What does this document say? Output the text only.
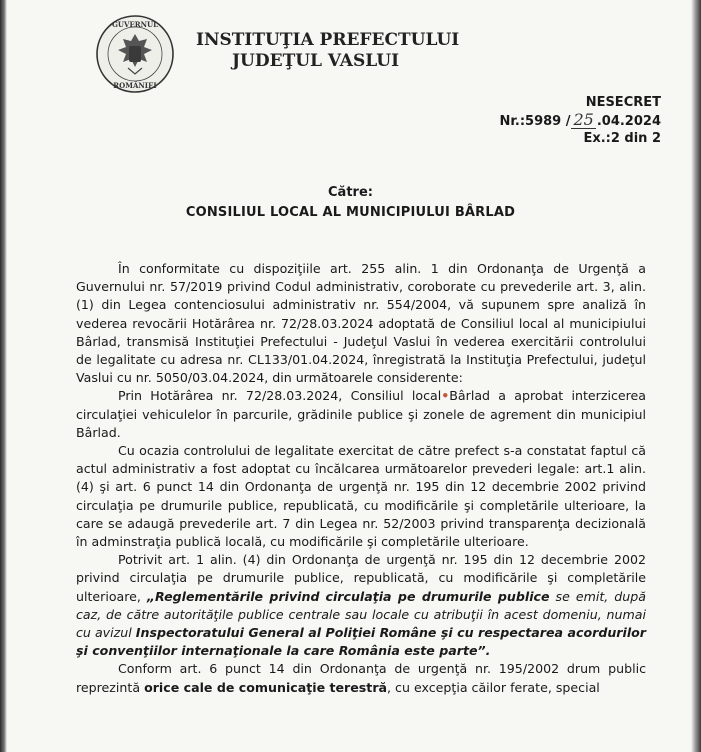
GUVERNUL
ROMÂNIEI
INSTITUŢIA PREFECTULUI
JUDEŢUL VASLUI
NESECRET
Nr.:5989 / 25 .04.2024
Ex.:2 din 2
Către:
CONSILIUL LOCAL AL MUNICIPIULUI BÂRLAD

În conformitate cu dispoziţiile art. 255 alin. 1 din Ordonanţa de Urgenţă a Guvernului nr. 57/2019 privind Codul administrativ, coroborate cu prevederile art. 3, alin. (1) din Legea contenciosului administrativ nr. 554/2004, vă supunem spre analiză în vederea revocării Hotărârea nr. 72/28.03.2024 adoptată de Consiliul local al municipiului Bârlad, transmisă Instituţiei Prefectului - Judeţul Vaslui în vederea exercitării controlului de legalitate cu adresa nr. CL133/01.04.2024, înregistrată la Instituţia Prefectului, judeţul Vaslui cu nr. 5050/03.04.2024, din următoarele considerente:

Prin Hotărârea nr. 72/28.03.2024, Consiliul local•Bârlad a aprobat interzicerea circulaţiei vehiculelor în parcurile, grădinile publice şi zonele de agrement din municipiul Bârlad.

Cu ocazia controlului de legalitate exercitat de către prefect s-a constatat faptul că actul administrativ a fost adoptat cu încălcarea următoarelor prevederi legale: art.1 alin. (4) şi art. 6 punct 14 din Ordonanţa de urgenţă nr. 195 din 12 decembrie 2002 privind circulaţia pe drumurile publice, republicată, cu modificările şi completările ulterioare, la care se adaugă prevederile art. 7 din Legea nr. 52/2003 privind transparenţa decizională în adminstraţia publică locală, cu modificările şi completările ulterioare.

Potrivit art. 1 alin. (4) din Ordonanţa de urgenţă nr. 195 din 12 decembrie 2002 privind circulaţia pe drumurile publice, republicată, cu modificările şi completările ulterioare, „Reglementările privind circulaţia pe drumurile publice se emit, după caz, de către autorităţile publice centrale sau locale cu atribuţii în acest domeniu, numai cu avizul Inspectoratului General al Poliţiei Române şi cu respectarea acordurilor şi convenţiilor internaţionale la care România este parte”.

Conform art. 6 punct 14 din Ordonanţa de urgenţă nr. 195/2002 drum public reprezintă orice cale de comunicaţie terestră, cu excepţia căilor ferate, special
